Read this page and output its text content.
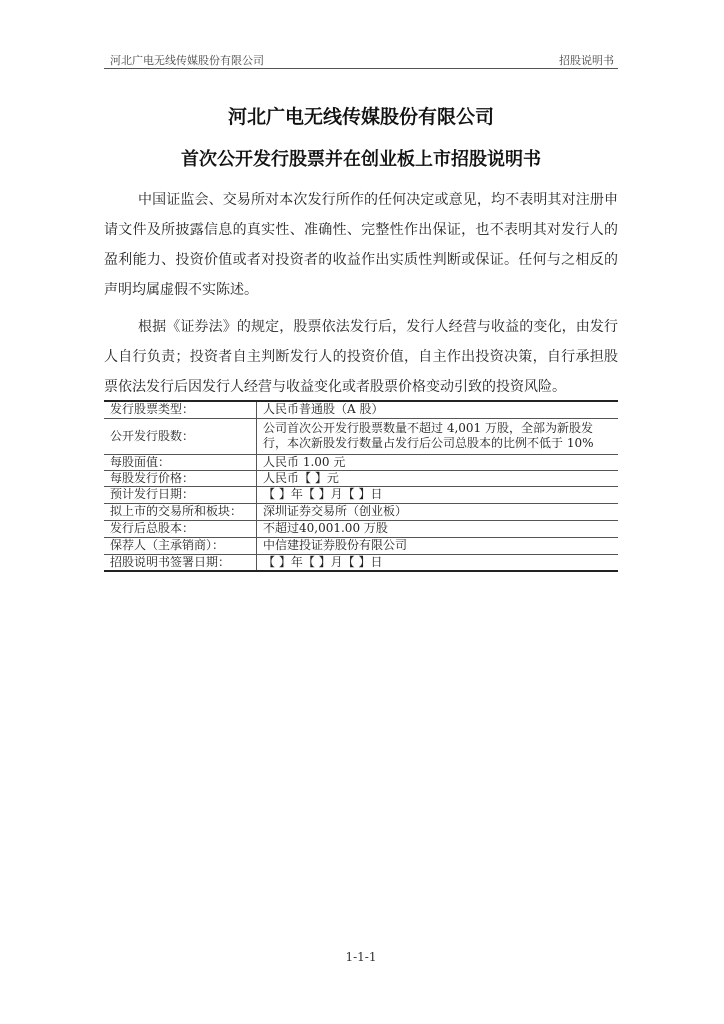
河北广电无线传媒股份有限公司	招股说明书
河北广电无线传媒股份有限公司
首次公开发行股票并在创业板上市招股说明书

中国证监会、交易所对本次发行所作的任何决定或意见，均不表明其对注册申请文件及所披露信息的真实性、准确性、完整性作出保证，也不表明其对发行人的盈利能力、投资价值或者对投资者的收益作出实质性判断或保证。任何与之相反的声明均属虚假不实陈述。

根据《证券法》的规定，股票依法发行后，发行人经营与收益的变化，由发行人自行负责；投资者自主判断发行人的投资价值，自主作出投资决策，自行承担股票依法发行后因发行人经营与收益变化或者股票价格变动引致的投资风险。

发行股票类型：	人民币普通股（A 股）
公开发行股数：	公司首次公开发行股票数量不超过 4,001 万股，全部为新股发行，本次新股发行数量占发行后公司总股本的比例不低于 10%
每股面值：	人民币 1.00 元
每股发行价格：	人民币【 】元
预计发行日期：	【 】年【 】月【 】日
拟上市的交易所和板块：	深圳证券交易所（创业板）
发行后总股本：	不超过40,001.00 万股
保荐人（主承销商）：	中信建投证券股份有限公司
招股说明书签署日期：	【 】年【 】月【 】日
1-1-1
